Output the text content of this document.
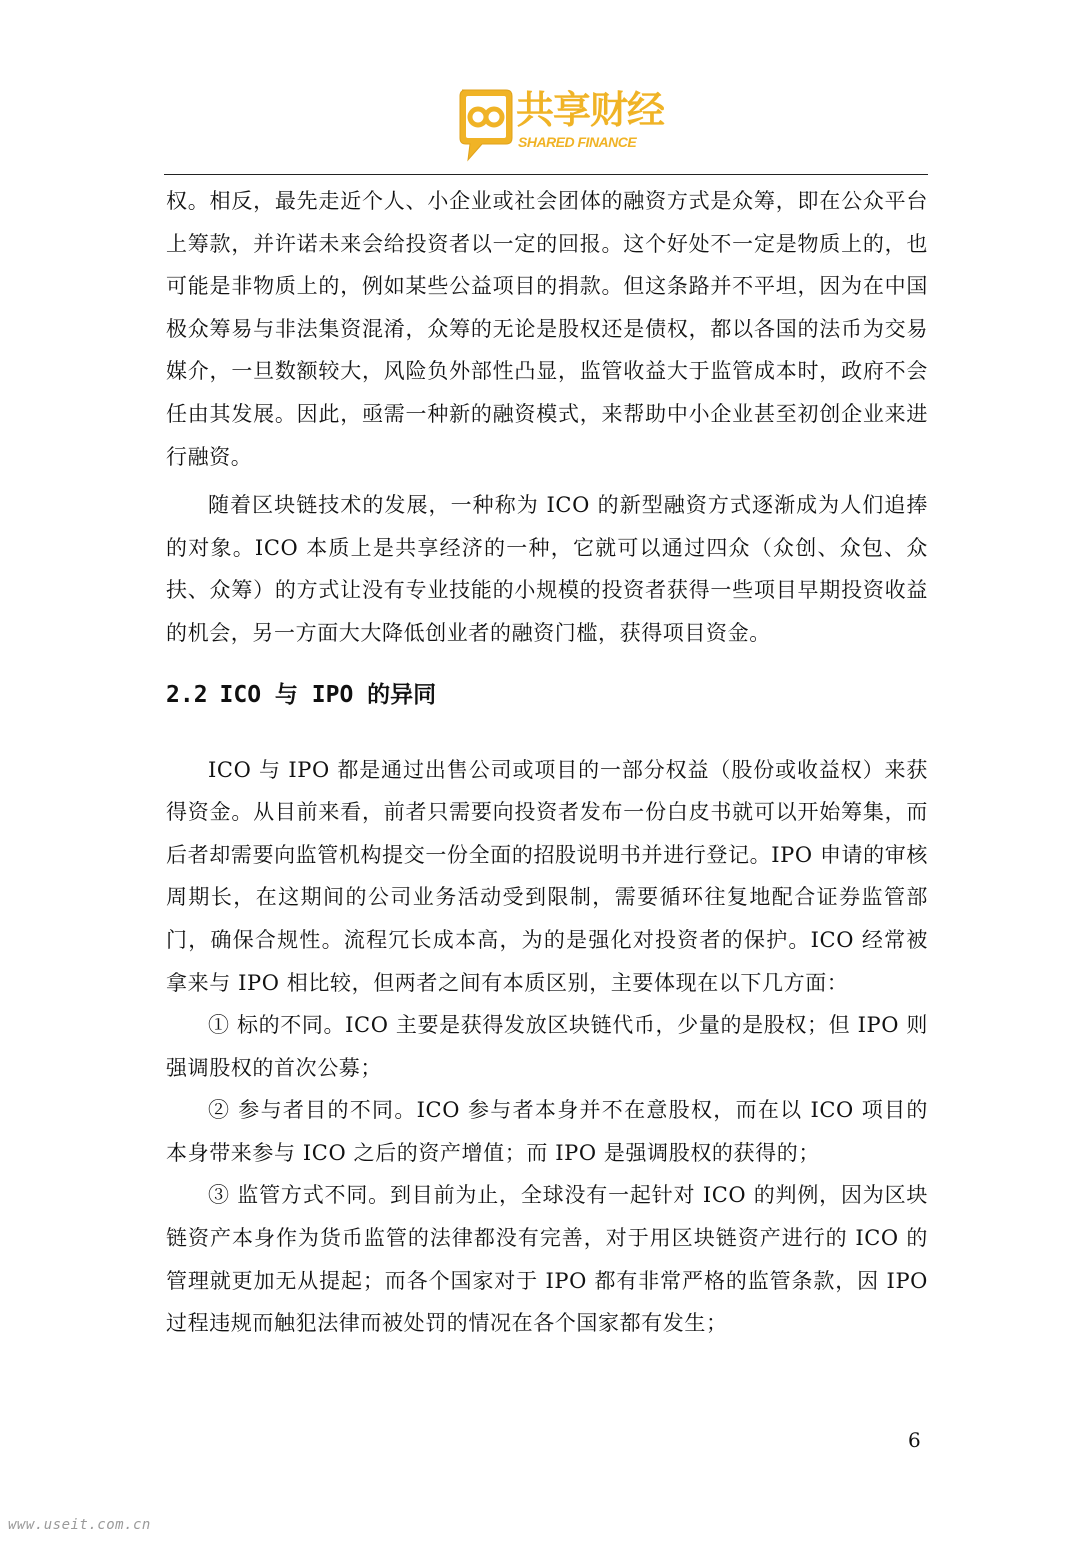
共享财经
SHARED FINANCE

权。相反，最先走近个人、小企业或社会团体的融资方式是众筹，即在公众平台上筹款，并许诺未来会给投资者以一定的回报。这个好处不一定是物质上的，也可能是非物质上的，例如某些公益项目的捐款。但这条路并不平坦，因为在中国极众筹易与非法集资混淆，众筹的无论是股权还是债权，都以各国的法币为交易媒介，一旦数额较大，风险负外部性凸显，监管收益大于监管成本时，政府不会任由其发展。因此，亟需一种新的融资模式，来帮助中小企业甚至初创企业来进行融资。

随着区块链技术的发展，一种称为 ICO 的新型融资方式逐渐成为人们追捧的对象。ICO 本质上是共享经济的一种，它就可以通过四众（众创、众包、众扶、众筹）的方式让没有专业技能的小规模的投资者获得一些项目早期投资收益的机会，另一方面大大降低创业者的融资门槛，获得项目资金。

2.2 ICO 与 IPO 的异同

ICO 与 IPO 都是通过出售公司或项目的一部分权益（股份或收益权）来获得资金。从目前来看，前者只需要向投资者发布一份白皮书就可以开始筹集，而后者却需要向监管机构提交一份全面的招股说明书并进行登记。IPO 申请的审核周期长，在这期间的公司业务活动受到限制，需要循环往复地配合证券监管部门，确保合规性。流程冗长成本高，为的是强化对投资者的保护。ICO 经常被拿来与 IPO 相比较，但两者之间有本质区别，主要体现在以下几方面：

① 标的不同。ICO 主要是获得发放区块链代币，少量的是股权；但 IPO 则强调股权的首次公募；

② 参与者目的不同。ICO 参与者本身并不在意股权，而在以 ICO 项目的本身带来参与 ICO 之后的资产增值；而 IPO 是强调股权的获得的；

③ 监管方式不同。到目前为止，全球没有一起针对 ICO 的判例，因为区块链资产本身作为货币监管的法律都没有完善，对于用区块链资产进行的 ICO 的管理就更加无从提起；而各个国家对于 IPO 都有非常严格的监管条款，因 IPO 过程违规而触犯法律而被处罚的情况在各个国家都有发生；

6
www.useit.com.cn
